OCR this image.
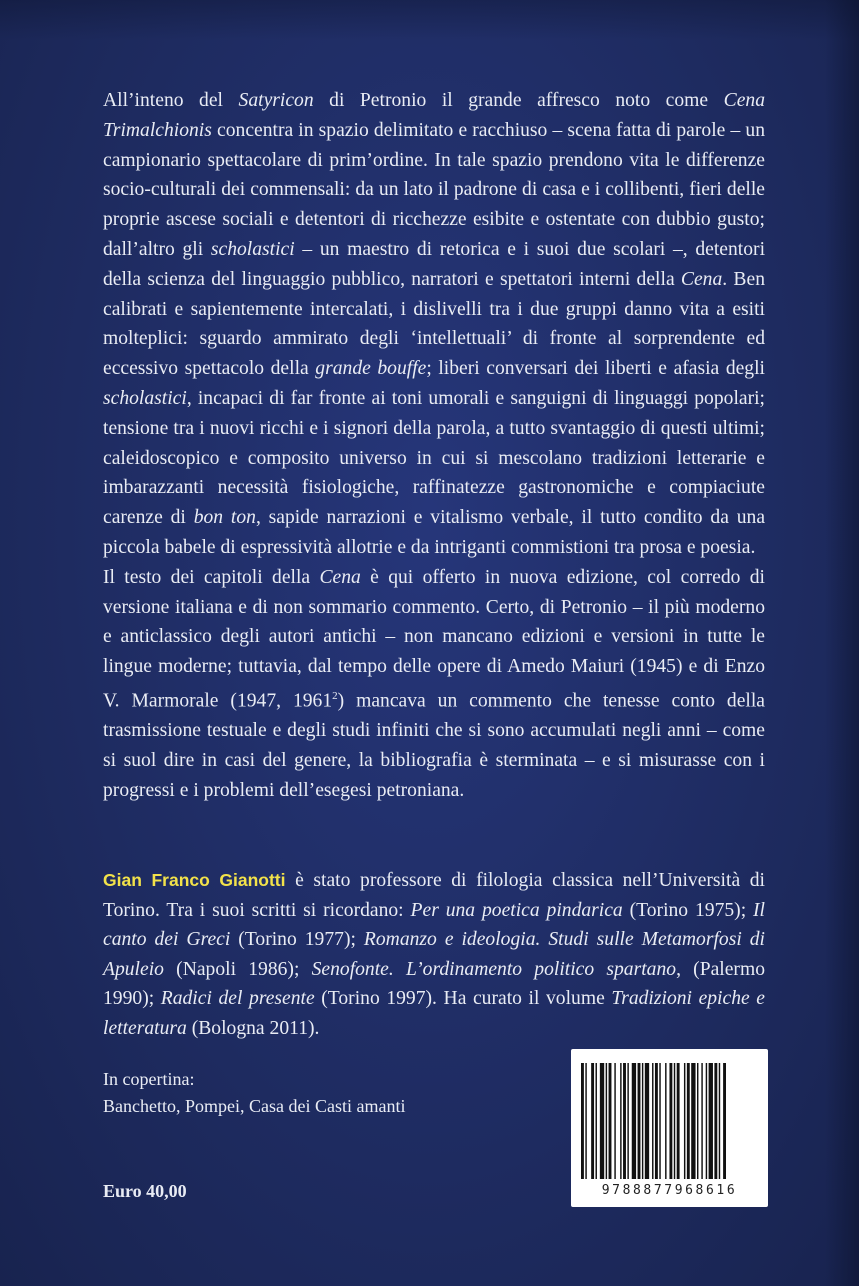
All’inteno del Satyricon di Petronio il grande affresco noto come Cena Trimalchionis concentra in spazio delimitato e racchiuso – scena fatta di parole – un campionario spettacolare di prim’ordine. In tale spazio prendono vita le differenze socio-culturali dei commensali: da un lato il padrone di casa e i collibenti, fieri delle proprie ascese sociali e detentori di ricchezze esibite e ostentate con dubbio gusto; dall’altro gli scholastici – un maestro di retorica e i suoi due scolari –, detentori della scienza del linguaggio pubblico, narratori e spettatori interni della Cena. Ben calibrati e sapientemente intercalati, i dislivelli tra i due gruppi danno vita a esiti molteplici: sguardo ammirato degli ‘intellettuali’ di fronte al sorprendente ed eccessivo spettacolo della grande bouffe; liberi conversari dei liberti e afasia degli scholastici, incapaci di far fronte ai toni umorali e sanguigni di linguaggi popolari; tensione tra i nuovi ricchi e i signori della parola, a tutto svantaggio di questi ultimi; caleidoscopico e composito universo in cui si mescolano tradizioni letterarie e imbarazzanti necessità fisiologiche, raffinatezze gastronomiche e compiaciute carenze di bon ton, sapide narrazioni e vitalismo verbale, il tutto condito da una piccola babele di espressività allotrie e da intriganti commistioni tra prosa e poesia.

Il testo dei capitoli della Cena è qui offerto in nuova edizione, col corredo di versione italiana e di non sommario commento. Certo, di Petronio – il più moderno e anticlassico degli autori antichi – non mancano edizioni e versioni in tutte le lingue moderne; tuttavia, dal tempo delle opere di Amedo Maiuri (1945) e di Enzo V. Marmorale (1947, 1961$^2$) mancava un commento che tenesse conto della trasmissione testuale e degli studi infiniti che si sono accumulati negli anni – come si suol dire in casi del genere, la bibliografia è sterminata – e si misurasse con i progressi e i problemi dell’esegesi petroniana.

Gian Franco Gianotti è stato professore di filologia classica nell’Università di Torino. Tra i suoi scritti si ricordano: Per una poetica pindarica (Torino 1975); Il canto dei Greci (Torino 1977); Romanzo e ideologia. Studi sulle Metamorfosi di Apuleio (Napoli 1986); Senofonte. L’ordinamento politico spartano, (Palermo 1990); Radici del presente (Torino 1997). Ha curato il volume Tradizioni epiche e letteratura (Bologna 2011).

In copertina:
Banchetto, Pompei, Casa dei Casti amanti
Euro 40,00	9788877968616
